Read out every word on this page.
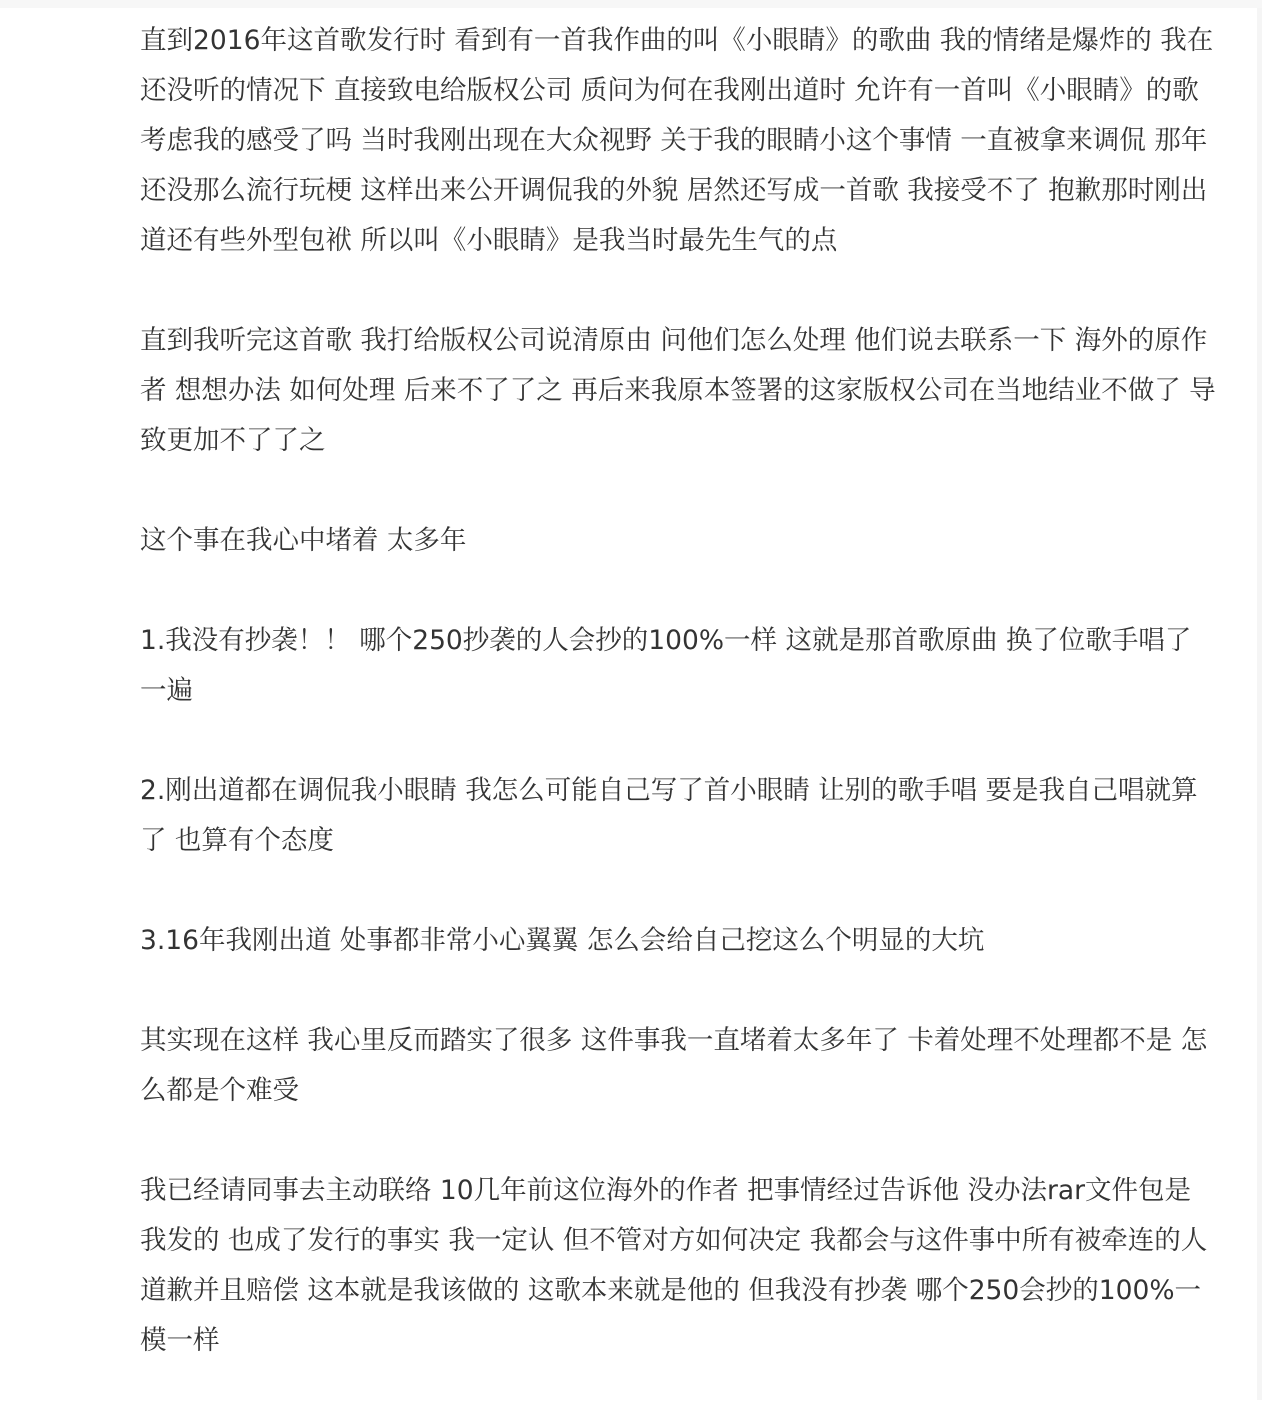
直到2016年这首歌发行时 看到有一首我作曲的叫《小眼睛》的歌曲 我的情绪是爆炸的 我在还没听的情况下 直接致电给版权公司 质问为何在我刚出道时 允许有一首叫《小眼睛》的歌 考虑我的感受了吗 当时我刚出现在大众视野 关于我的眼睛小这个事情 一直被拿来调侃 那年还没那么流行玩梗 这样出来公开调侃我的外貌 居然还写成一首歌 我接受不了 抱歉那时刚出道还有些外型包袱 所以叫《小眼睛》是我当时最先生气的点

直到我听完这首歌 我打给版权公司说清原由 问他们怎么处理 他们说去联系一下 海外的原作者 想想办法 如何处理 后来不了了之 再后来我原本签署的这家版权公司在当地结业不做了 导致更加不了了之

这个事在我心中堵着 太多年

1.我没有抄袭！！ 哪个250抄袭的人会抄的100%一样 这就是那首歌原曲 换了位歌手唱了一遍

2.刚出道都在调侃我小眼睛 我怎么可能自己写了首小眼睛 让别的歌手唱 要是我自己唱就算了 也算有个态度

3.16年我刚出道 处事都非常小心翼翼 怎么会给自己挖这么个明显的大坑

其实现在这样 我心里反而踏实了很多 这件事我一直堵着太多年了 卡着处理不处理都不是 怎么都是个难受

我已经请同事去主动联络 10几年前这位海外的作者 把事情经过告诉他 没办法rar文件包是我发的 也成了发行的事实 我一定认 但不管对方如何决定 我都会与这件事中所有被牵连的人道歉并且赔偿 这本就是我该做的 这歌本来就是他的 但我没有抄袭 哪个250会抄的100%一模一样
